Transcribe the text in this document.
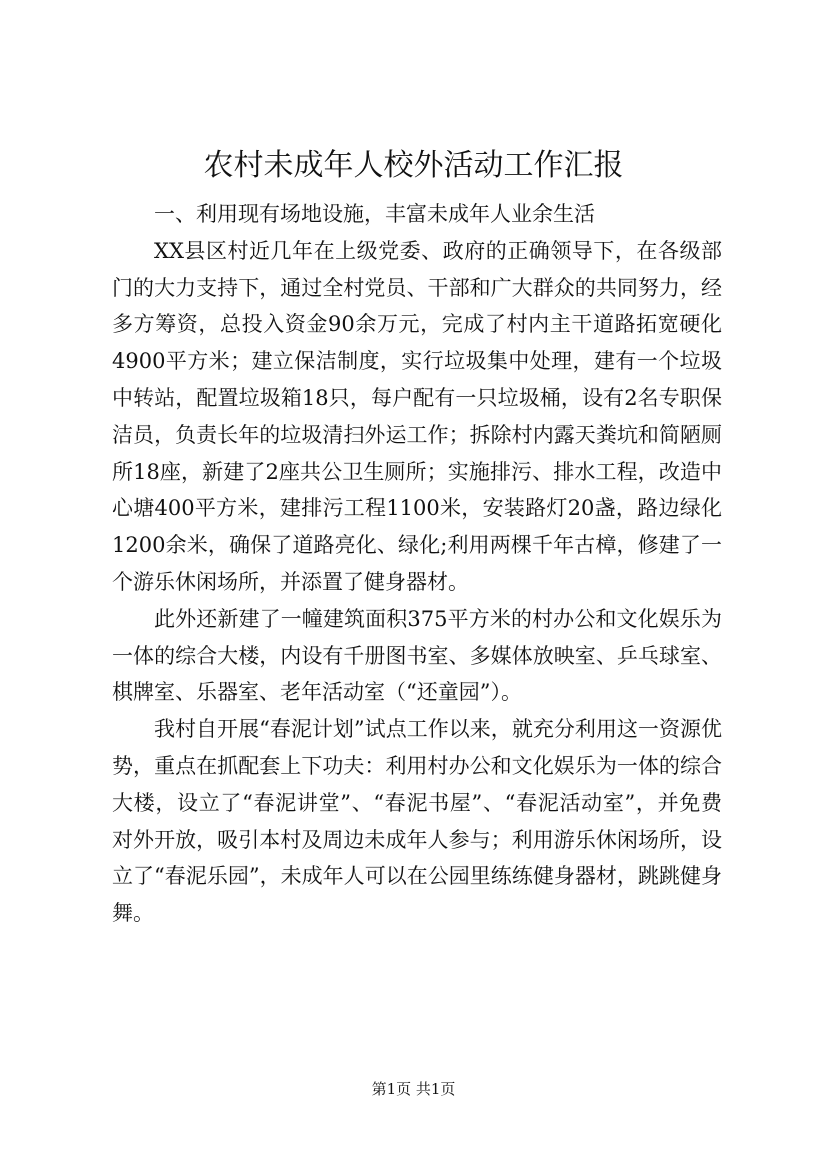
农村未成年人校外活动工作汇报

一、利用现有场地设施，丰富未成年人业余生活

XX县区村近几年在上级党委、政府的正确领导下，在各级部门的大力支持下，通过全村党员、干部和广大群众的共同努力，经多方筹资，总投入资金90余万元，完成了村内主干道路拓宽硬化4900平方米；建立保洁制度，实行垃圾集中处理，建有一个垃圾中转站，配置垃圾箱18只，每户配有一只垃圾桶，设有2名专职保洁员，负责长年的垃圾清扫外运工作；拆除村内露天粪坑和简陋厕所18座，新建了2座共公卫生厕所；实施排污、排水工程，改造中心塘400平方米，建排污工程1100米，安装路灯20盏，路边绿化1200余米，确保了道路亮化、绿化;利用两棵千年古樟，修建了一个游乐休闲场所，并添置了健身器材。

此外还新建了一幢建筑面积375平方米的村办公和文化娱乐为一体的综合大楼，内设有千册图书室、多媒体放映室、乒乓球室、棋牌室、乐器室、老年活动室（“还童园”）。

我村自开展“春泥计划”试点工作以来，就充分利用这一资源优势，重点在抓配套上下功夫：利用村办公和文化娱乐为一体的综合大楼，设立了“春泥讲堂”、“春泥书屋”、“春泥活动室”，并免费对外开放，吸引本村及周边未成年人参与；利用游乐休闲场所，设立了“春泥乐园”，未成年人可以在公园里练练健身器材，跳跳健身舞。

第1页 共1页
